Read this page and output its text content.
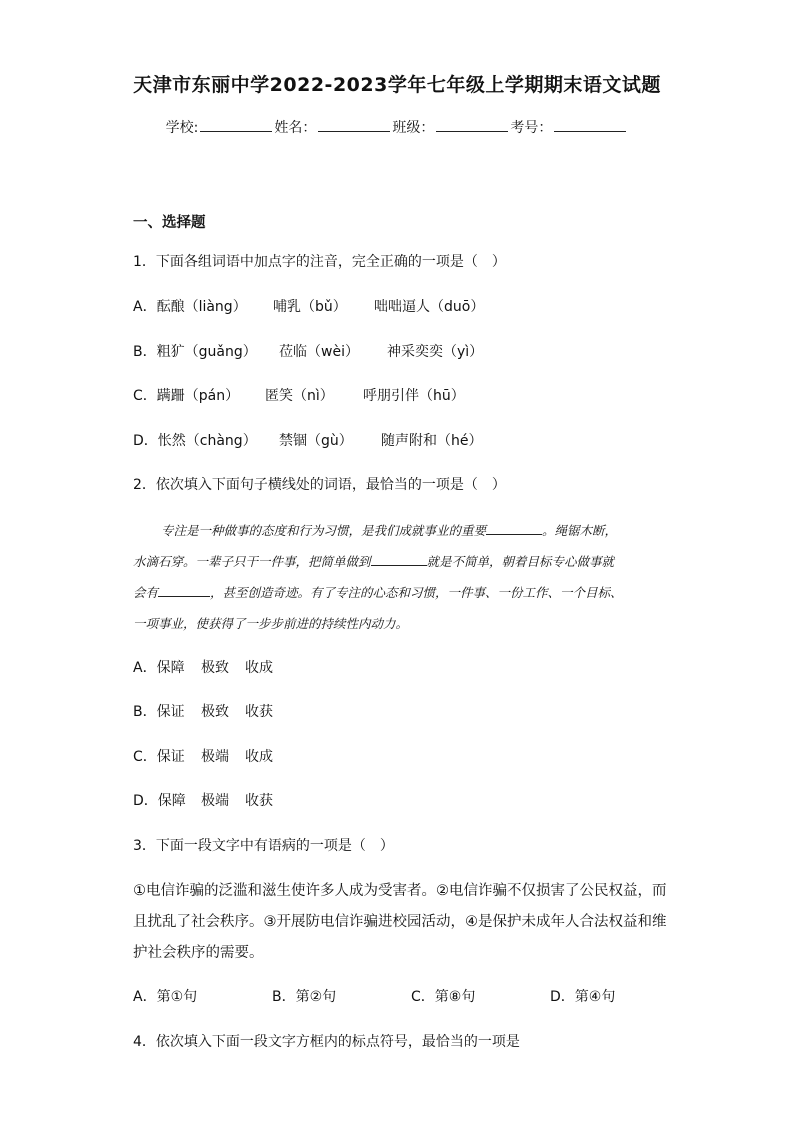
天津市东丽中学2022-2023学年七年级上学期期末语文试题
学校:	姓名：	班级：	考号：
一、选择题
1．下面各组词语中加点字的注音，完全正确的一项是（　）
A．酝酿（liàng） 哺乳（bǔ） 咄咄逼人（duō）
B．粗犷（guǎng） 莅临（wèi） 神采奕奕（yì）
C．蹒跚（pán） 匿笑（nì） 呼朋引伴（hū）
D．怅然（chàng） 禁锢（gù） 随声附和（hé）
2．依次填入下面句子横线处的词语，最恰当的一项是（　）
专注是一种做事的态度和行为习惯，是我们成就事业的重要	。绳锯木断，
水滴石穿。一辈子只干一件事，把简单做到	就是不简单，朝着目标专心做事就
会有	，甚至创造奇迹。有了专注的心态和习惯，一件事、一份工作、一个目标、
一项事业，使获得了一步步前进的持续性内动力。
A．保障 极致 收成
B．保证 极致 收获
C．保证 极端 收成
D．保障 极端 收获
3．下面一段文字中有语病的一项是（　）
①电信诈骗的泛滥和滋生使许多人成为受害者。②电信诈骗不仅损害了公民权益，而
且扰乱了社会秩序。③开展防电信诈骗进校园活动，④是保护未成年人合法权益和维
护社会秩序的需要。
A．第①句	B．第②句	C．第⑧句	D．第④句
4．依次填入下面一段文字方框内的标点符号，最恰当的一项是
